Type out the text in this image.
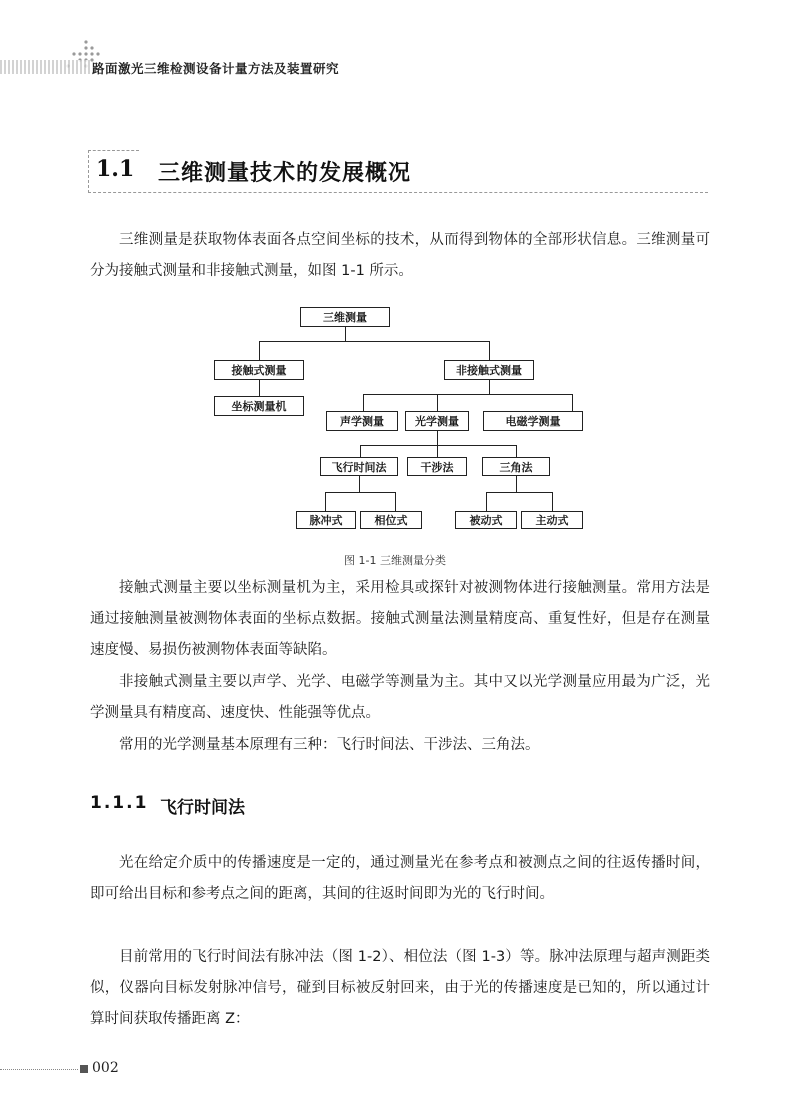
路面激光三维检测设备计量方法及装置研究
1.1 三维测量技术的发展概况

三维测量是获取物体表面各点空间坐标的技术，从而得到物体的全部形状信息。三维测量可分为接触式测量和非接触式测量，如图 1-1 所示。

三维测量
接触式测量	非接触式测量
坐标测量机
声学测量	光学测量	电磁学测量
飞行时间法	干涉法	三角法
脉冲式	相位式	被动式	主动式
图 1-1 三维测量分类

接触式测量主要以坐标测量机为主，采用检具或探针对被测物体进行接触测量。常用方法是通过接触测量被测物体表面的坐标点数据。接触式测量法测量精度高、重复性好，但是存在测量速度慢、易损伤被测物体表面等缺陷。

非接触式测量主要以声学、光学、电磁学等测量为主。其中又以光学测量应用最为广泛，光学测量具有精度高、速度快、性能强等优点。

常用的光学测量基本原理有三种：飞行时间法、干涉法、三角法。

1.1.1 飞行时间法

光在给定介质中的传播速度是一定的，通过测量光在参考点和被测点之间的往返传播时间，即可给出目标和参考点之间的距离，其间的往返时间即为光的飞行时间。

目前常用的飞行时间法有脉冲法（图 1-2）、相位法（图 1-3）等。脉冲法原理与超声测距类似，仪器向目标发射脉冲信号，碰到目标被反射回来，由于光的传播速度是已知的，所以通过计算时间获取传播距离 Z：

002
